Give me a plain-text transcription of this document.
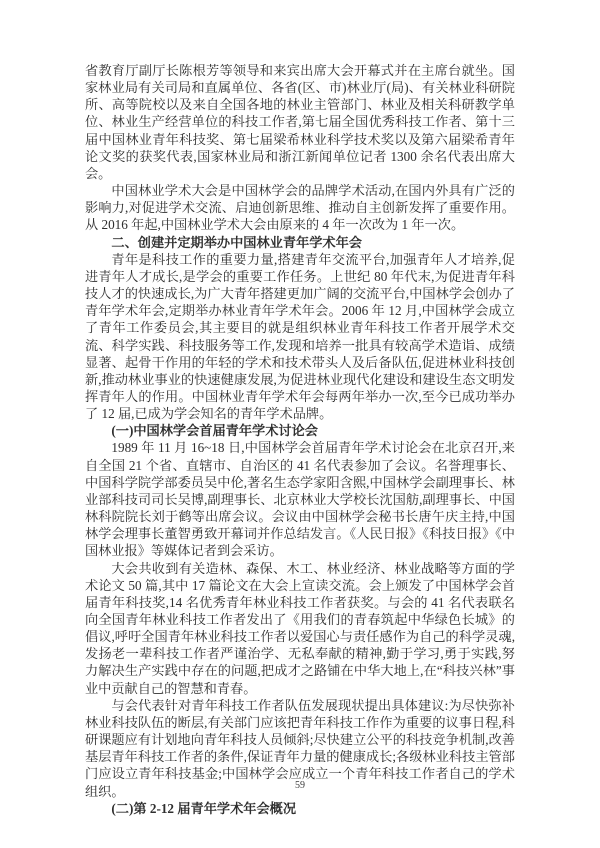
省教育厅副厅长陈根芳等领导和来宾出席大会开幕式并在主席台就坐。国家林业局有关司局和直属单位、各省(区、市)林业厅(局)、有关林业科研院所、高等院校以及来自全国各地的林业主管部门、林业及相关科研教学单位、林业生产经营单位的科技工作者,第七届全国优秀科技工作者、第十三届中国林业青年科技奖、第七届梁希林业科学技术奖以及第六届梁希青年论文奖的获奖代表,国家林业局和浙江新闻单位记者 1300 余名代表出席大会。

中国林业学术大会是中国林学会的品牌学术活动,在国内外具有广泛的影响力,对促进学术交流、启迪创新思维、推动自主创新发挥了重要作用。从 2016 年起,中国林业学术大会由原来的 4 年一次改为 1 年一次。

二、创建并定期举办中国林业青年学术年会

青年是科技工作的重要力量,搭建青年交流平台,加强青年人才培养,促进青年人才成长,是学会的重要工作任务。上世纪 80 年代末,为促进青年科技人才的快速成长,为广大青年搭建更加广阔的交流平台,中国林学会创办了青年学术年会,定期举办林业青年学术年会。2006 年 12 月,中国林学会成立了青年工作委员会,其主要目的就是组织林业青年科技工作者开展学术交流、科学实践、科技服务等工作,发现和培养一批具有较高学术造诣、成绩显著、起骨干作用的年轻的学术和技术带头人及后备队伍,促进林业科技创新,推动林业事业的快速健康发展,为促进林业现代化建设和建设生态文明发挥青年人的作用。中国林业青年学术年会每两年举办一次,至今已成功举办了 12 届,已成为学会知名的青年学术品牌。

(一)中国林学会首届青年学术讨论会

1989 年 11 月 16~18 日,中国林学会首届青年学术讨论会在北京召开,来自全国 21 个省、直辖市、自治区的 41 名代表参加了会议。名誉理事长、中国科学院学部委员吴中伦,著名生态学家阳含熙,中国林学会副理事长、林业部科技司司长吴博,副理事长、北京林业大学校长沈国舫,副理事长、中国林科院院长刘于鹤等出席会议。会议由中国林学会秘书长唐午庆主持,中国林学会理事长董智勇致开幕词并作总结发言。《人民日报》《科技日报》《中国林业报》等媒体记者到会采访。

大会共收到有关造林、森保、木工、林业经济、林业战略等方面的学术论文 50 篇,其中 17 篇论文在大会上宣读交流。会上颁发了中国林学会首届青年科技奖,14 名优秀青年林业科技工作者获奖。与会的 41 名代表联名向全国青年林业科技工作者发出了《用我们的青春筑起中华绿色长城》的倡议,呼吁全国青年林业科技工作者以爱国心与责任感作为自己的科学灵魂,发扬老一辈科技工作者严谨治学、无私奉献的精神,勤于学习,勇于实践,努力解决生产实践中存在的问题,把成才之路铺在中华大地上,在“科技兴林”事业中贡献自己的智慧和青春。

与会代表针对青年科技工作者队伍发展现状提出具体建议:为尽快弥补林业科技队伍的断层,有关部门应该把青年科技工作作为重要的议事日程,科研课题应有计划地向青年科技人员倾斜;尽快建立公平的科技竞争机制,改善基层青年科技工作者的条件,保证青年力量的健康成长;各级林业科技主管部门应设立青年科技基金;中国林学会应成立一个青年科技工作者自己的学术组织。

(二)第 2-12 届青年学术年会概况

59
